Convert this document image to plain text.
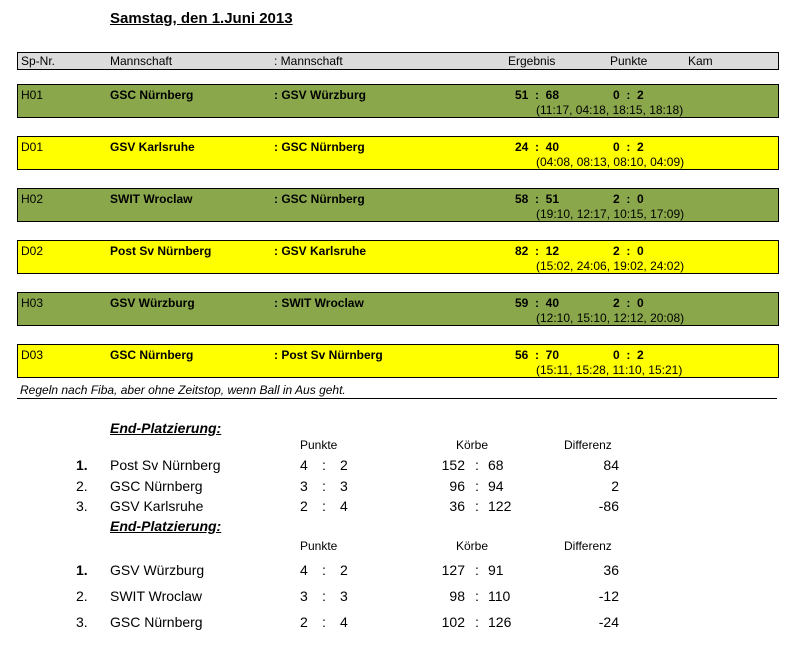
Samstag, den 1.Juni 2013
Sp-Nr.	Mannschaft	: Mannschaft	Ergebnis	Punkte	Kam
H01	GSC Nürnberg	: GSV Würzburg	51  :  68	0  :  2
(11:17, 04:18, 18:15, 18:18)
D01	GSV Karlsruhe	: GSC Nürnberg	24  :  40	0  :  2
(04:08, 08:13, 08:10, 04:09)
H02	SWIT Wroclaw	: GSC Nürnberg	58  :  51	2  :  0
(19:10, 12:17, 10:15, 17:09)
D02	Post Sv Nürnberg	: GSV Karlsruhe	82  :  12	2  :  0
(15:02, 24:06, 19:02, 24:02)
H03	GSV Würzburg	: SWIT Wroclaw	59  :  40	2  :  0
(12:10, 15:10, 12:12, 20:08)
D03	GSC Nürnberg	: Post Sv Nürnberg	56  :  70	0  :  2
(15:11, 15:28, 11:10, 15:21)
Regeln nach Fiba, aber ohne Zeitstop, wenn Ball in Aus geht.
End-Platzierung:
Punkte	Körbe	Differenz
1. Post Sv Nürnberg	4 : 2	152 : 68	84
2. GSC Nürnberg	3 : 3	96 : 94	2
3. GSV Karlsruhe	2 : 4	36 : 122	-86
End-Platzierung:
Punkte	Körbe	Differenz
1. GSV Würzburg	4 : 2	127 : 91	36
2. SWIT Wroclaw	3 : 3	98 : 110	-12
3. GSC Nürnberg	2 : 4	102 : 126	-24
